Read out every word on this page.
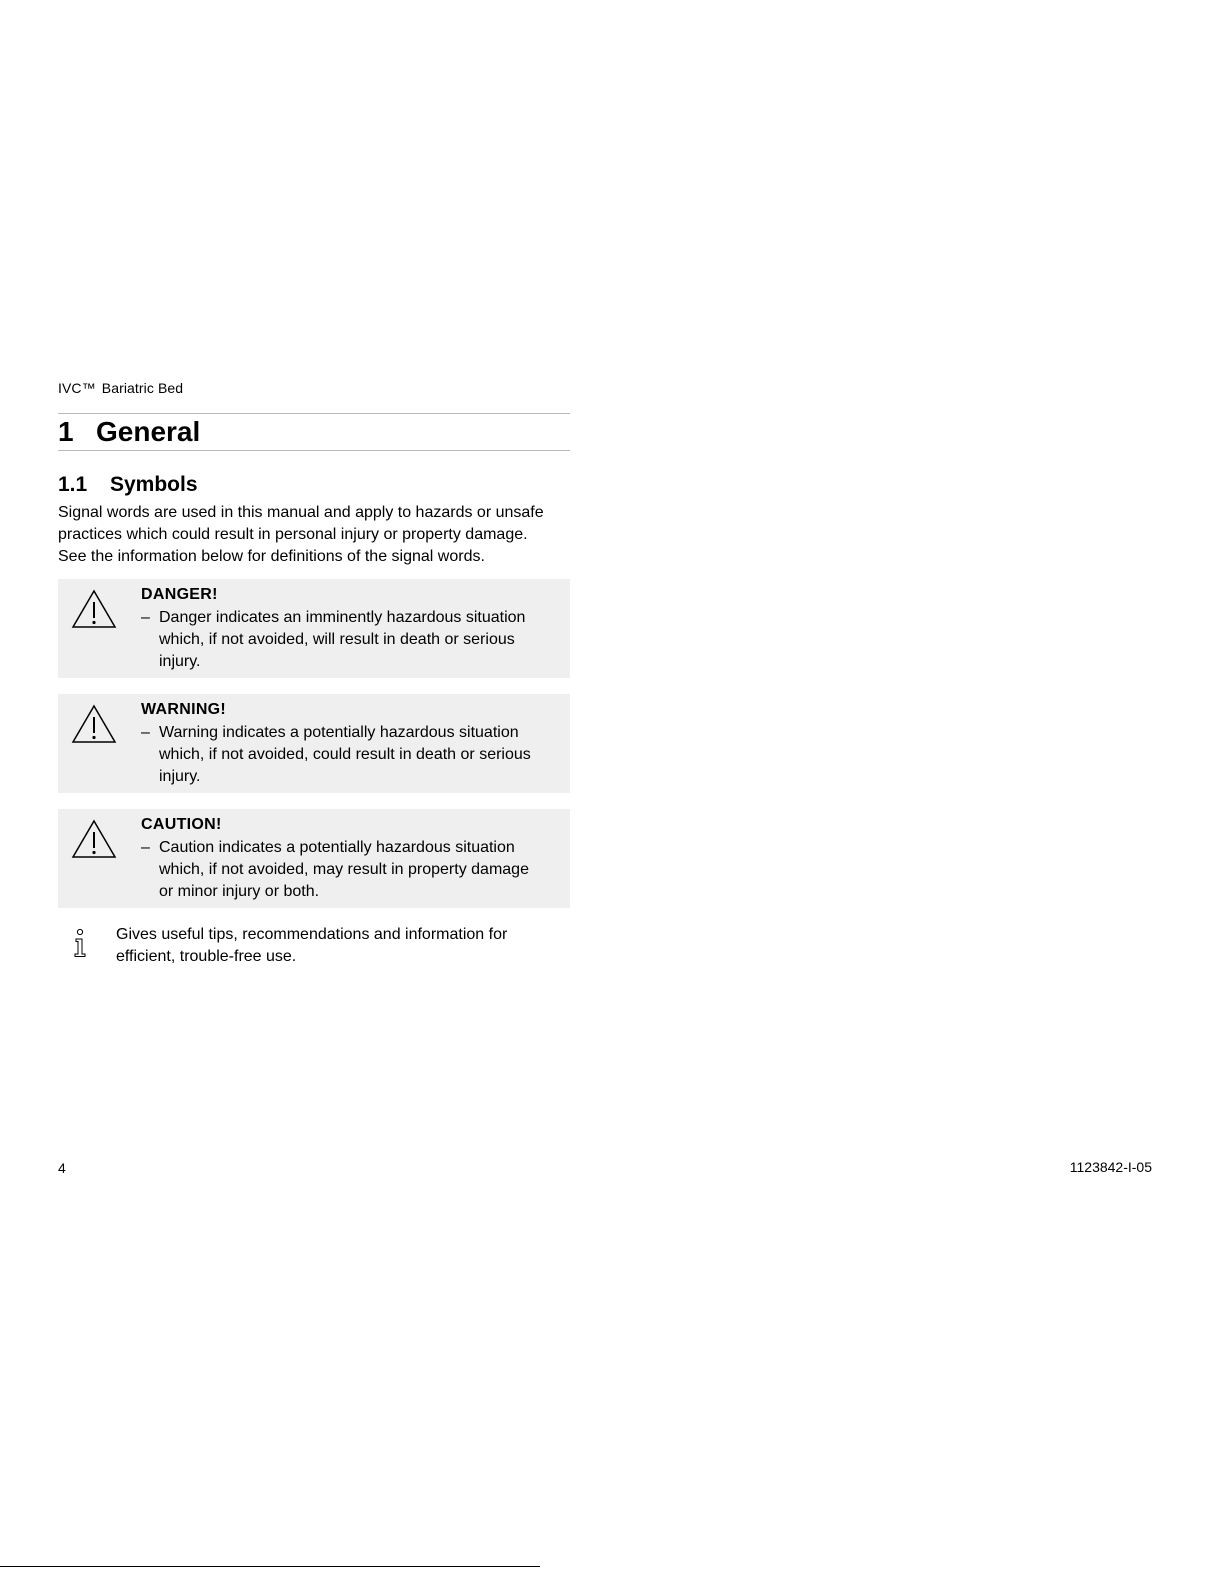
IVC™ Bariatric Bed
1 General
1.1 Symbols

Signal words are used in this manual and apply to hazards or unsafe
practices which could result in personal injury or property damage.
See the information below for definitions of the signal words.

DANGER!
– Danger indicates an imminently hazardous situation
which, if not avoided, will result in death or serious
injury.
WARNING!
– Warning indicates a potentially hazardous situation
which, if not avoided, could result in death or serious
injury.
CAUTION!
– Caution indicates a potentially hazardous situation
which, if not avoided, may result in property damage
or minor injury or both.
Gives useful tips, recommendations and information for
efficient, trouble-free use.
4	1123842-I-05
